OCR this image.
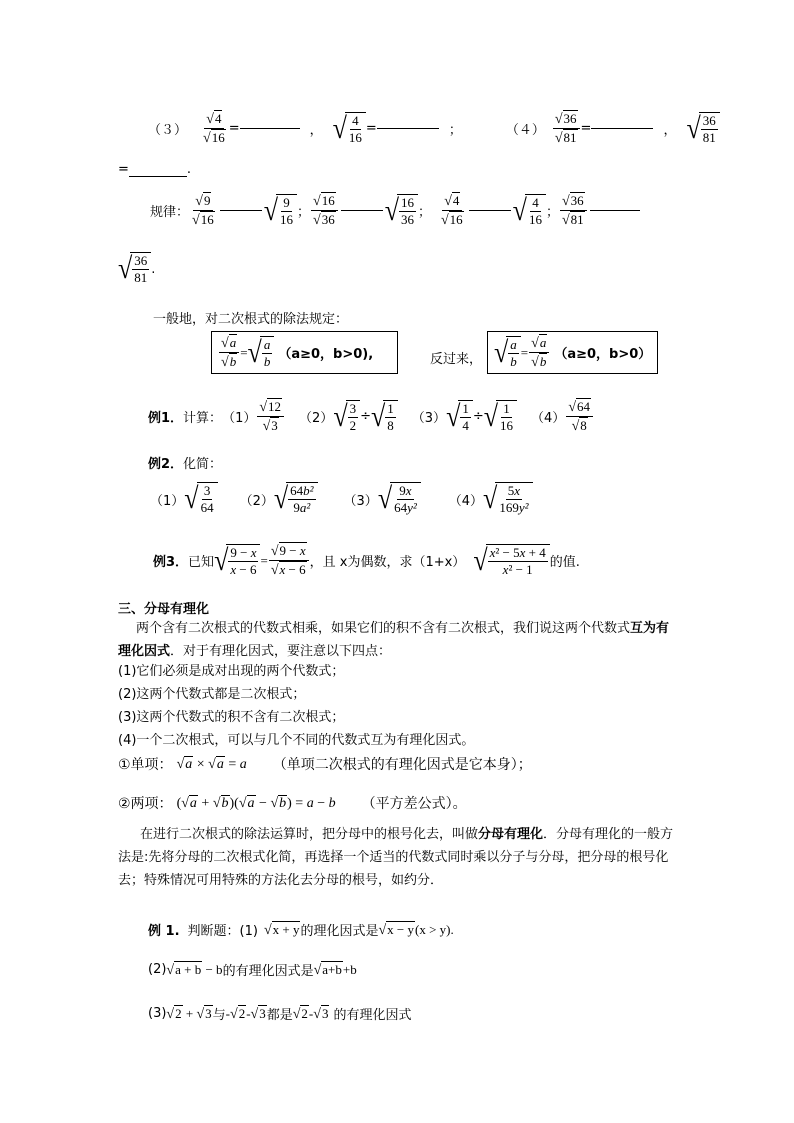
$(3) \frac{√ 4}{√ 16}$ =	， √ $\frac{4}{16}$ =	；	$(4) \frac{√ 36}{√ 81}$ =	， √ $\frac{36}{81}$
=	.
规律： $\frac{√ 9}{√ 16}$ √ $\frac{9}{16}$ ； $\frac{√ 16}{√ 36}$ √ $\frac{16}{36}$ ； $\frac{√ 4}{√ 16}$ √ $\frac{4}{16}$ ； $\frac{√ 36}{√ 81}$
√ $\frac{36}{81}$ .
一般地，对二次根式的除法规定：
$\frac{√ a}{√ b}$ = √ $\frac{a}{b} (a\ge 0$，b>0),	反过来， √ $\frac{a}{b} = \frac{√ a}{√ b} (a\ge 0$，b>0）
例1． 计算： $(1) \frac{√ 12}{√ 3} (2)$ √ $\frac{3}{2}$ ÷ √ $\frac{1}{8} (3)$ √ $\frac{1}{4}$ ÷ √ $\frac{1}{16} (4) \frac{√ 64}{√ 8}$
例2．化简：
（1） √ $\frac{3}{64} (2)$ √ $\frac{\text{64b²}}{\text{9a²}} (3)$ √ $\frac{9x}{\text{64y²}} (4)$ √ $\frac{5x}{\text{169y²}}$
例3． 已知 √ $\frac{9 - x}{x - 6} = \frac{√ 9 - x}{√ x - 6}$ ，且 x为偶数，求（1+x） √ $\frac{\text{x² − 5x + 4}}{\text{x² − 1}}$ 的值.
三、分母有理化
两个含有二次根式的代数式相乘，如果它们的积不含有二次根式，我们说这两个代数式互为有理化因式．对于有理化因式，要注意以下四点：
(1)它们必须是成对出现的两个代数式；
(2)这两个代数式都是二次根式；
(3)这两个代数式的积不含有二次根式；
(4)一个二次根式，可以与几个不同的代数式互为有理化因式。
①单项： √ a × √ a = a （单项二次根式的有理化因式是它本身）；
②两项： ( √ a + √ b )( √ a − √ b ) = a − b （平方差公式）。
在进行二次根式的除法运算时，把分母中的根号化去，叫做分母有理化．分母有理化的一般方法是:先将分母的二次根式化简，再选择一个适当的代数式同时乘以分子与分母，把分母的根号化去；特殊情况可用特殊的方法化去分母的根号，如约分．
例 1. 判断题：(1) √ x + y 的理化因式是 √ x − y (x > y).
(2) √ a + b − b 的有理化因式是 √ a+b +b
(3) √ 2 + √ 3 与 - √ 2 - √ 3 都是 √ 2 - √ 3 的有理化因式
